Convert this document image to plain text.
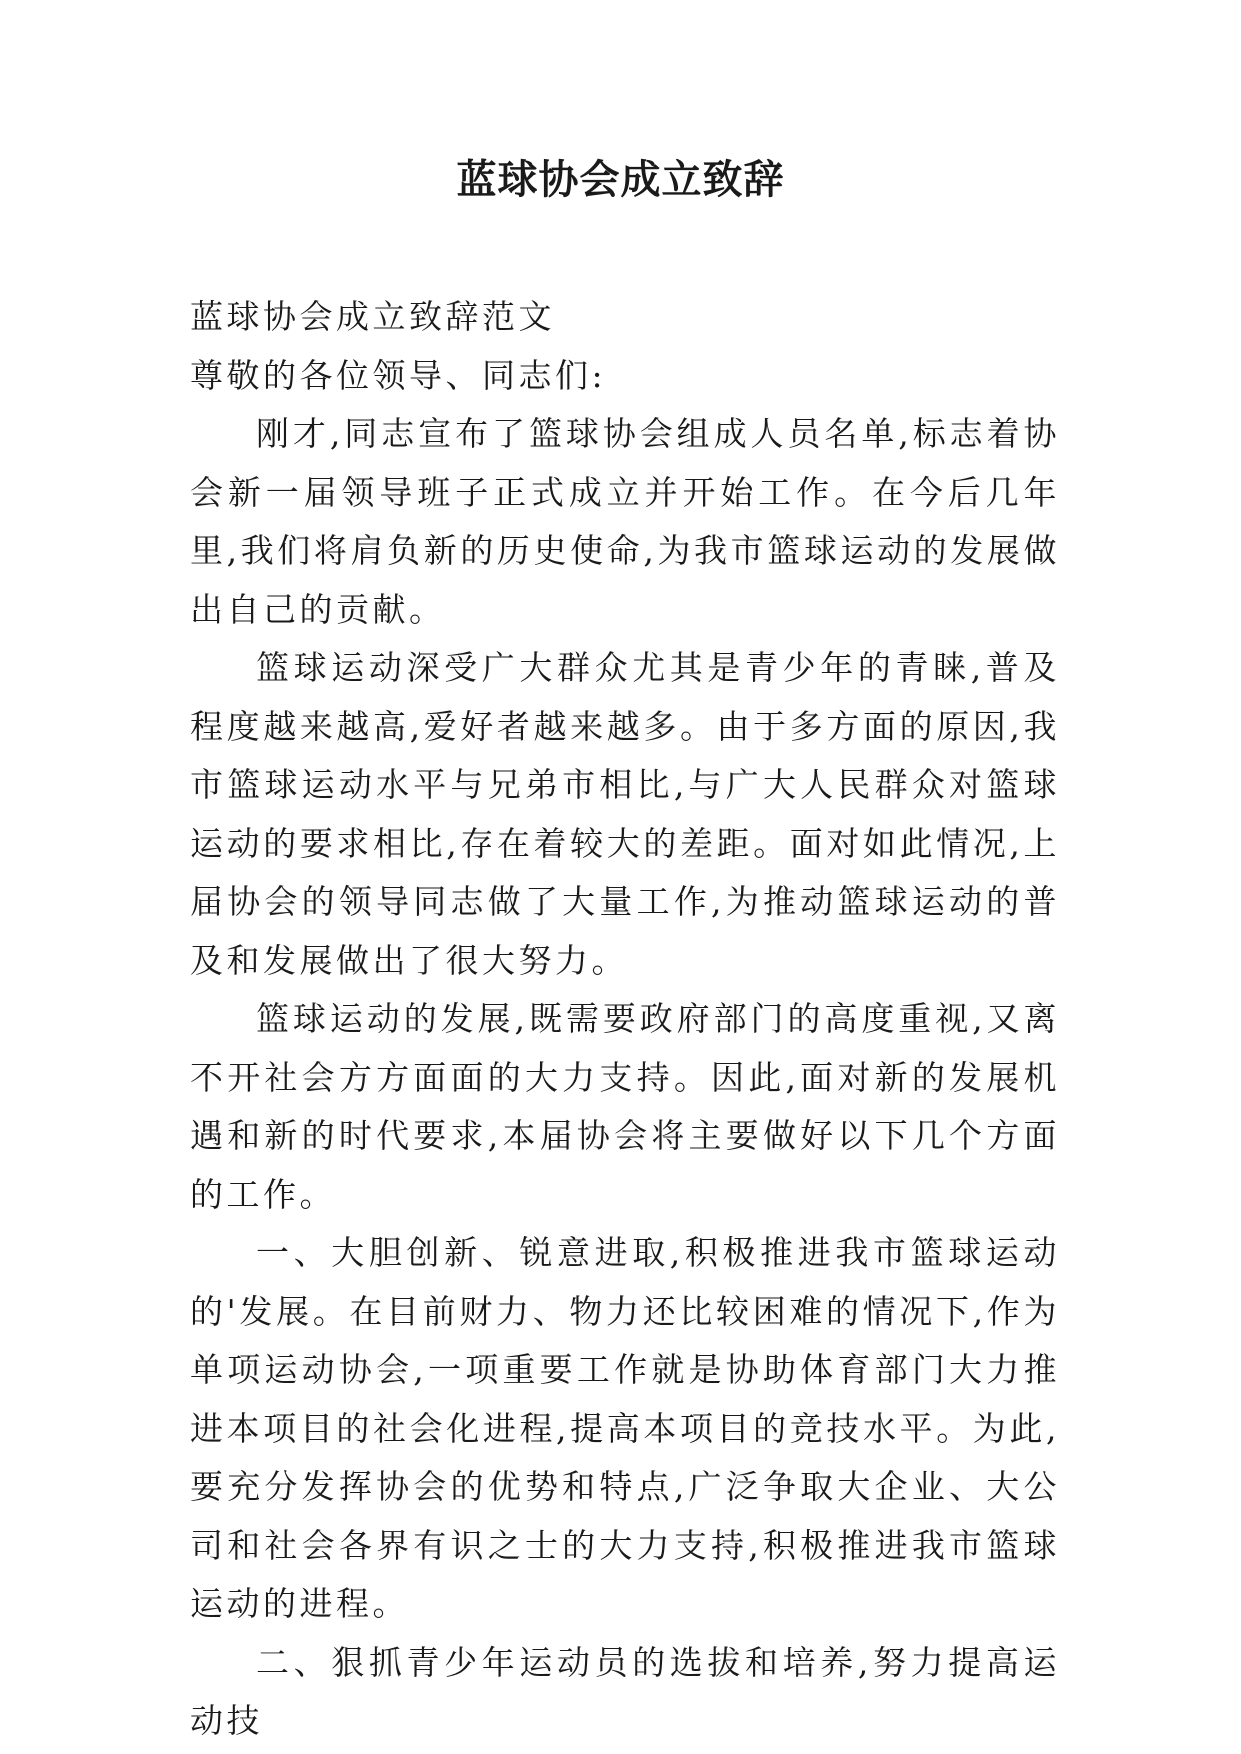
蓝球协会成立致辞

蓝球协会成立致辞范文

尊敬的各位领导、同志们:

刚才,同志宣布了篮球协会组成人员名单,标志着协会新一届领导班子正式成立并开始工作。在今后几年里,我们将肩负新的历史使命,为我市篮球运动的发展做出自己的贡献。

篮球运动深受广大群众尤其是青少年的青睐,普及程度越来越高,爱好者越来越多。由于多方面的原因,我市篮球运动水平与兄弟市相比,与广大人民群众对篮球运动的要求相比,存在着较大的差距。面对如此情况,上届协会的领导同志做了大量工作,为推动篮球运动的普及和发展做出了很大努力。

篮球运动的发展,既需要政府部门的高度重视,又离不开社会方方面面的大力支持。因此,面对新的发展机遇和新的时代要求,本届协会将主要做好以下几个方面的工作。

一、大胆创新、锐意进取,积极推进我市篮球运动的'发展。在目前财力、物力还比较困难的情况下,作为单项运动协会,一项重要工作就是协助体育部门大力推进本项目的社会化进程,提高本项目的竞技水平。为此,要充分发挥协会的优势和特点,广泛争取大企业、大公司和社会各界有识之士的大力支持,积极推进我市篮球运动的进程。

二、狠抓青少年运动员的选拔和培养,努力提高运动技
